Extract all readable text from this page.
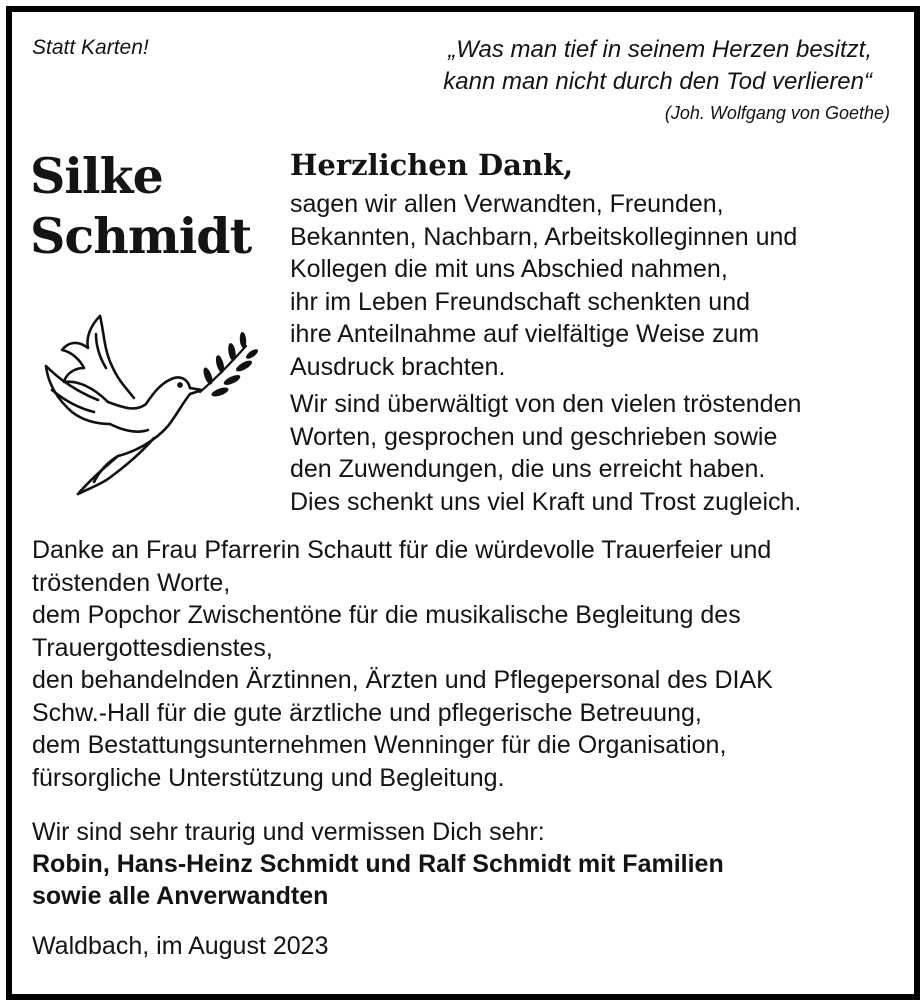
Statt Karten!	„Was man tief in seinem Herzen besitzt,
kann man nicht durch den Tod verlieren“
(Joh. Wolfgang von Goethe)
Silke
Schmidt
Herzlichen Dank,

sagen wir allen Verwandten, Freunden,
Bekannten, Nachbarn, Arbeitskolleginnen und
Kollegen die mit uns Abschied nahmen,
ihr im Leben Freundschaft schenkten und
ihre Anteilnahme auf vielfältige Weise zum
Ausdruck brachten.

Wir sind überwältigt von den vielen tröstenden
Worten, gesprochen und geschrieben sowie
den Zuwendungen, die uns erreicht haben.
Dies schenkt uns viel Kraft und Trost zugleich.

Danke an Frau Pfarrerin Schautt für die würdevolle Trauerfeier und
tröstenden Worte,
dem Popchor Zwischentöne für die musikalische Begleitung des
Trauergottesdienstes,
den behandelnden Ärztinnen, Ärzten und Pflegepersonal des DIAK
Schw.-Hall für die gute ärztliche und pflegerische Betreuung,
dem Bestattungsunternehmen Wenninger für die Organisation,
fürsorgliche Unterstützung und Begleitung.
Wir sind sehr traurig und vermissen Dich sehr:
Robin, Hans-Heinz Schmidt und Ralf Schmidt mit Familien
sowie alle Anverwandten
Waldbach, im August 2023
